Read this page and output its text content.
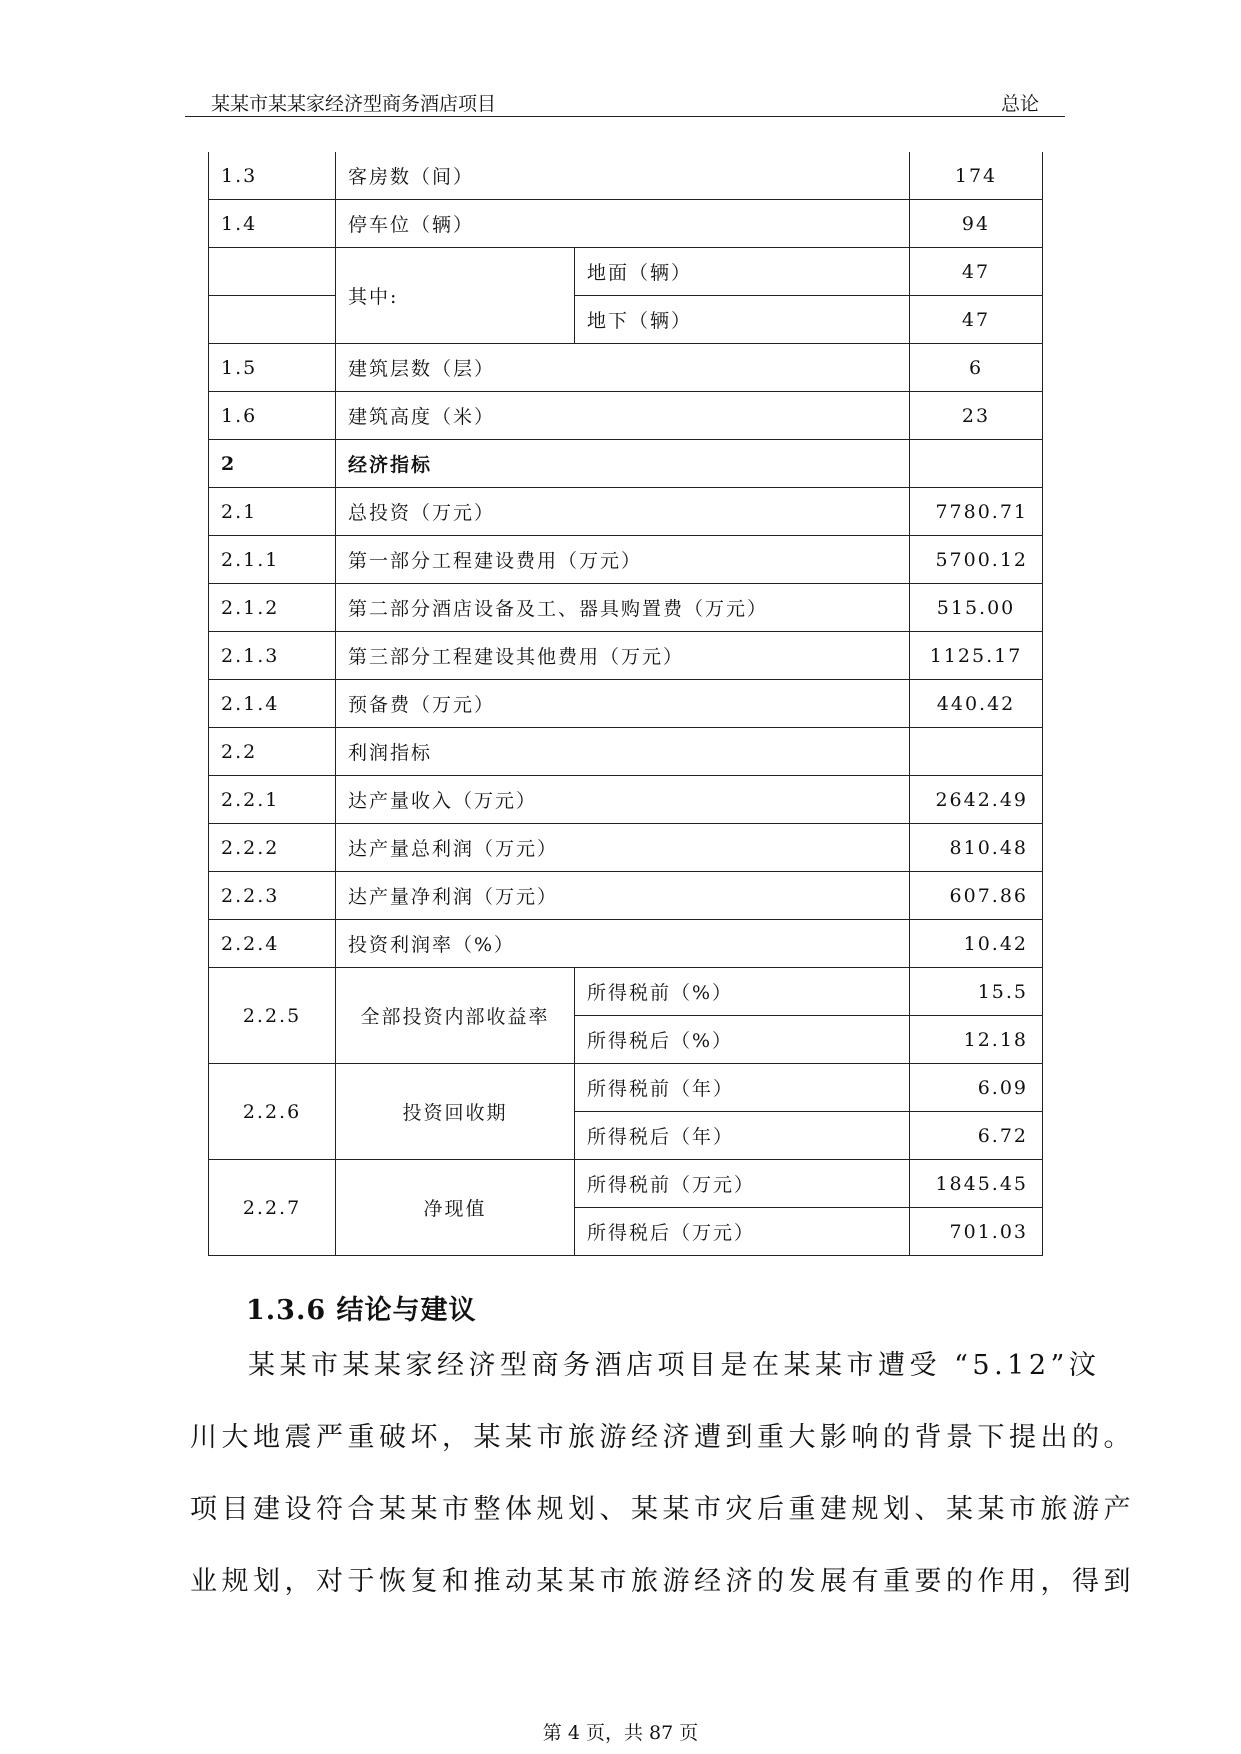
某某市某某家经济型商务酒店项目	总论
1.3	客房数（间）		174
1.4	停车位（辆）		94
	其中:	地面（辆）	47
		地下（辆）	47
1.5	建筑层数（层）		6
1.6	建筑高度（米）		23
2	经济指标		
2.1	总投资（万元）		7780.71
2.1.1	第一部分工程建设费用（万元）		5700.12
2.1.2	第二部分酒店设备及工、器具购置费（万元）		515.00
2.1.3	第三部分工程建设其他费用（万元）		1125.17
2.1.4	预备费（万元）		440.42
2.2	利润指标		
2.2.1	达产量收入（万元）		2642.49
2.2.2	达产量总利润（万元）		810.48
2.2.3	达产量净利润（万元）		607.86
2.2.4	投资利润率（%）		10.42
2.2.5	全部投资内部收益率	所得税前（%）	15.5
		所得税后（%）	12.18
2.2.6	投资回收期	所得税前（年）	6.09
		所得税后（年）	6.72
2.2.7	净现值	所得税前（万元）	1845.45
		所得税后（万元）	701.03
1.3.6 结论与建议
某某市某某家经济型商务酒店项目是在某某市遭受 “5.12”汶
川大地震严重破坏，某某市旅游经济遭到重大影响的背景下提出的。
项目建设符合某某市整体规划、某某市灾后重建规划、某某市旅游产
业规划，对于恢复和推动某某市旅游经济的发展有重要的作用，得到
第 4 页，共 87 页
